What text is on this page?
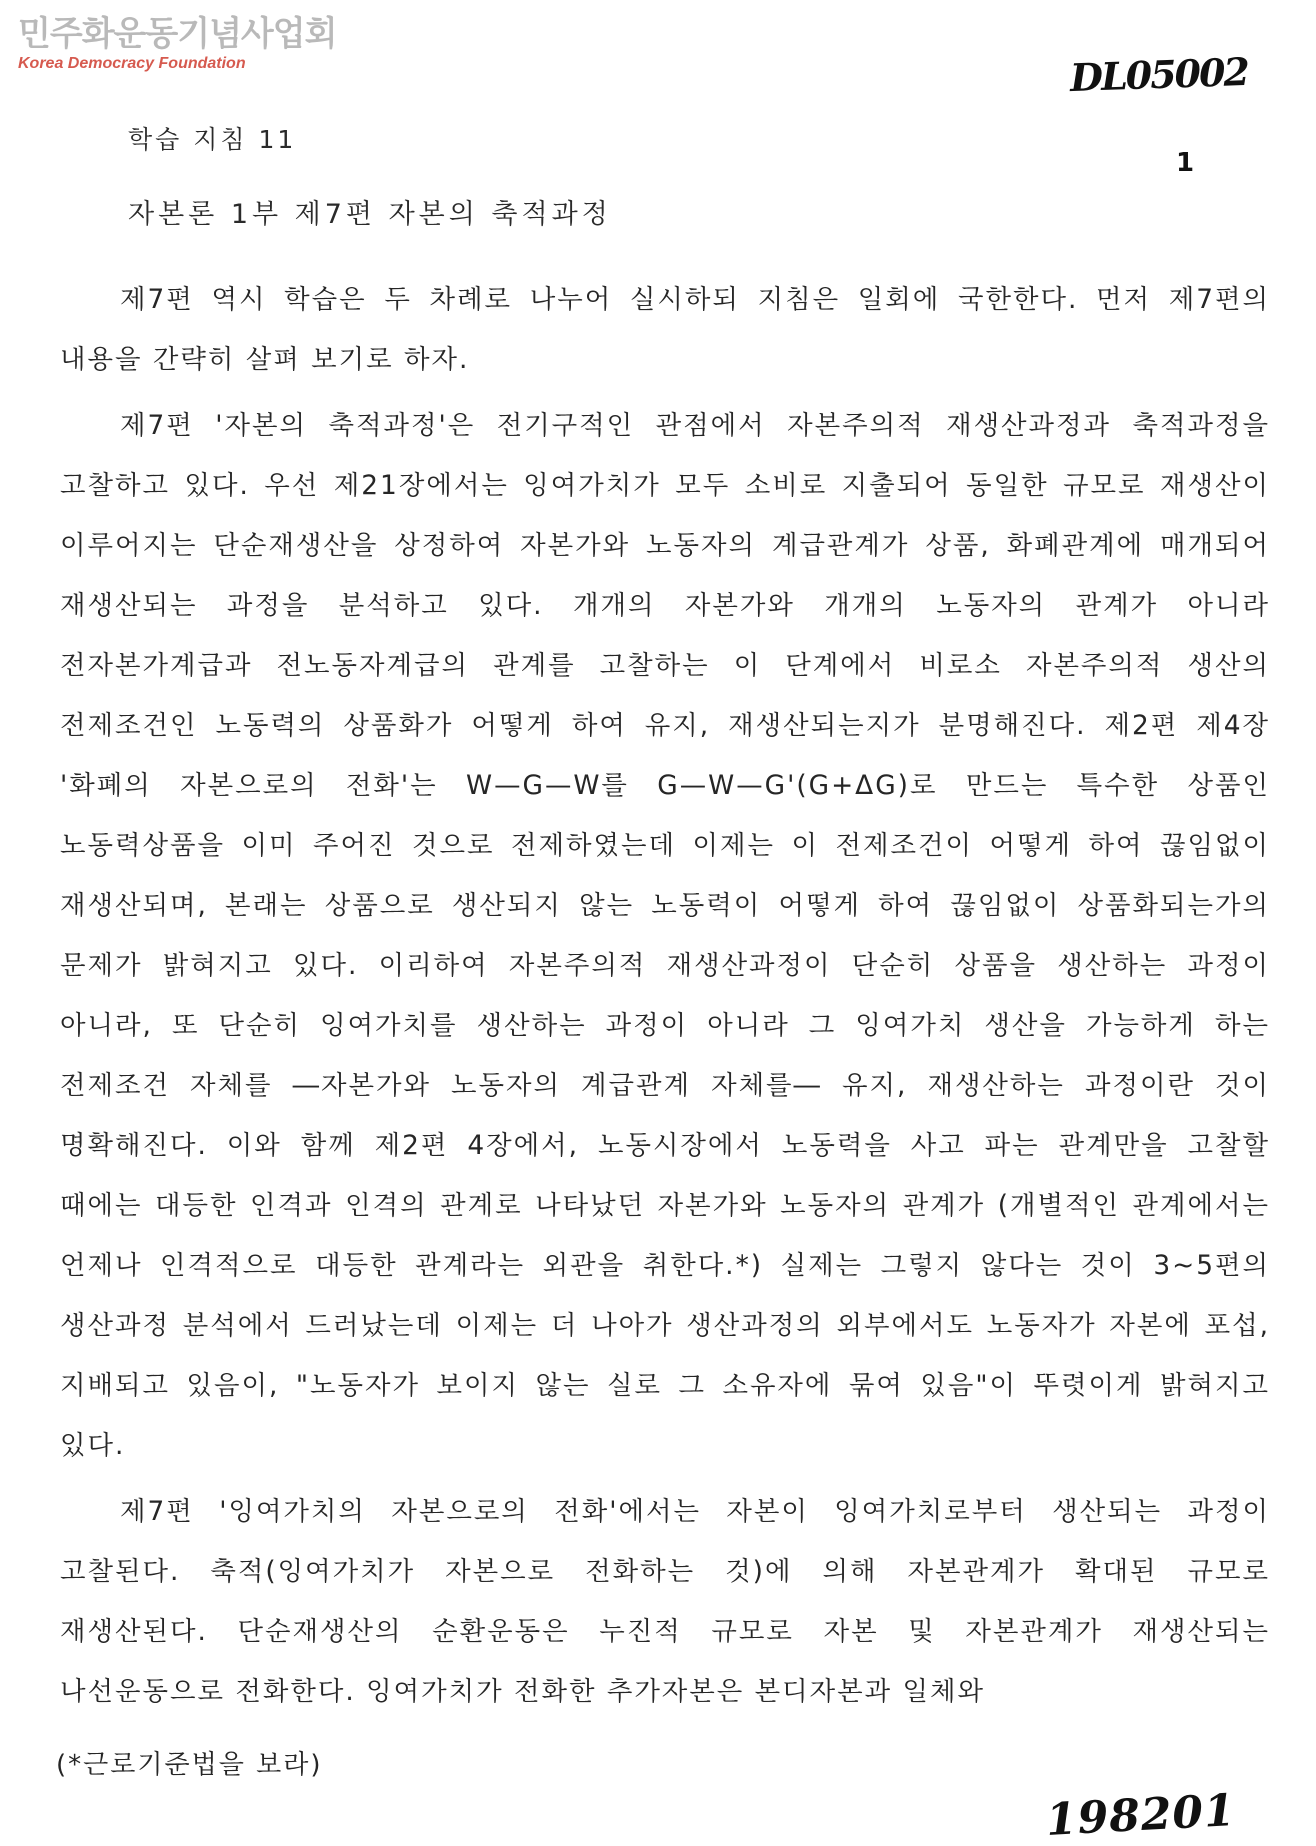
민주화운동기념사업회
Korea Democracy Foundation	DL05002
1
학습 지침 11
자본론 1부 제7편 자본의 축적과정

제7편 역시 학습은 두 차례로 나누어 실시하되 지침은 일회에 국한한다. 먼저 제7편의 내용을 간략히 살펴 보기로 하자.

제7편 '자본의 축적과정'은 전기구적인 관점에서 자본주의적 재생산과정과 축적과정을 고찰하고 있다. 우선 제21장에서는 잉여가치가 모두 소비로 지출되어 동일한 규모로 재생산이 이루어지는 단순재생산을 상정하여 자본가와 노동자의 계급관계가 상품, 화폐관계에 매개되어 재생산되는 과정을 분석하고 있다. 개개의 자본가와 개개의 노동자의 관계가 아니라 전자본가계급과 전노동자계급의 관계를 고찰하는 이 단계에서 비로소 자본주의적 생산의 전제조건인 노동력의 상품화가 어떻게 하여 유지, 재생산되는지가 분명해진다. 제2편 제4장 '화폐의 자본으로의 전화'는 W—G—W를 G—W—G'(G+ΔG)로 만드는 특수한 상품인 노동력상품을 이미 주어진 것으로 전제하였는데 이제는 이 전제조건이 어떻게 하여 끊임없이 재생산되며, 본래는 상품으로 생산되지 않는 노동력이 어떻게 하여 끊임없이 상품화되는가의 문제가 밝혀지고 있다. 이리하여 자본주의적 재생산과정이 단순히 상품을 생산하는 과정이 아니라, 또 단순히 잉여가치를 생산하는 과정이 아니라 그 잉여가치 생산을 가능하게 하는 전제조건 자체를 ―자본가와 노동자의 계급관계 자체를― 유지, 재생산하는 과정이란 것이 명확해진다. 이와 함께 제2편 4장에서, 노동시장에서 노동력을 사고 파는 관계만을 고찰할 때에는 대등한 인격과 인격의 관계로 나타났던 자본가와 노동자의 관계가 (개별적인 관계에서는 언제나 인격적으로 대등한 관계라는 외관을 취한다.*) 실제는 그렇지 않다는 것이 3~5편의 생산과정 분석에서 드러났는데 이제는 더 나아가 생산과정의 외부에서도 노동자가 자본에 포섭, 지배되고 있음이, "노동자가 보이지 않는 실로 그 소유자에 묶여 있음"이 뚜렷이게 밝혀지고 있다.

제7편 '잉여가치의 자본으로의 전화'에서는 자본이 잉여가치로부터 생산되는 과정이 고찰된다. 축적(잉여가치가 자본으로 전화하는 것)에 의해 자본관계가 확대된 규모로 재생산된다. 단순재생산의 순환운동은 누진적 규모로 자본 및 자본관계가 재생산되는 나선운동으로 전화한다. 잉여가치가 전화한 추가자본은 본디자본과 일체와

(*근로기준법을 보라)
198201
